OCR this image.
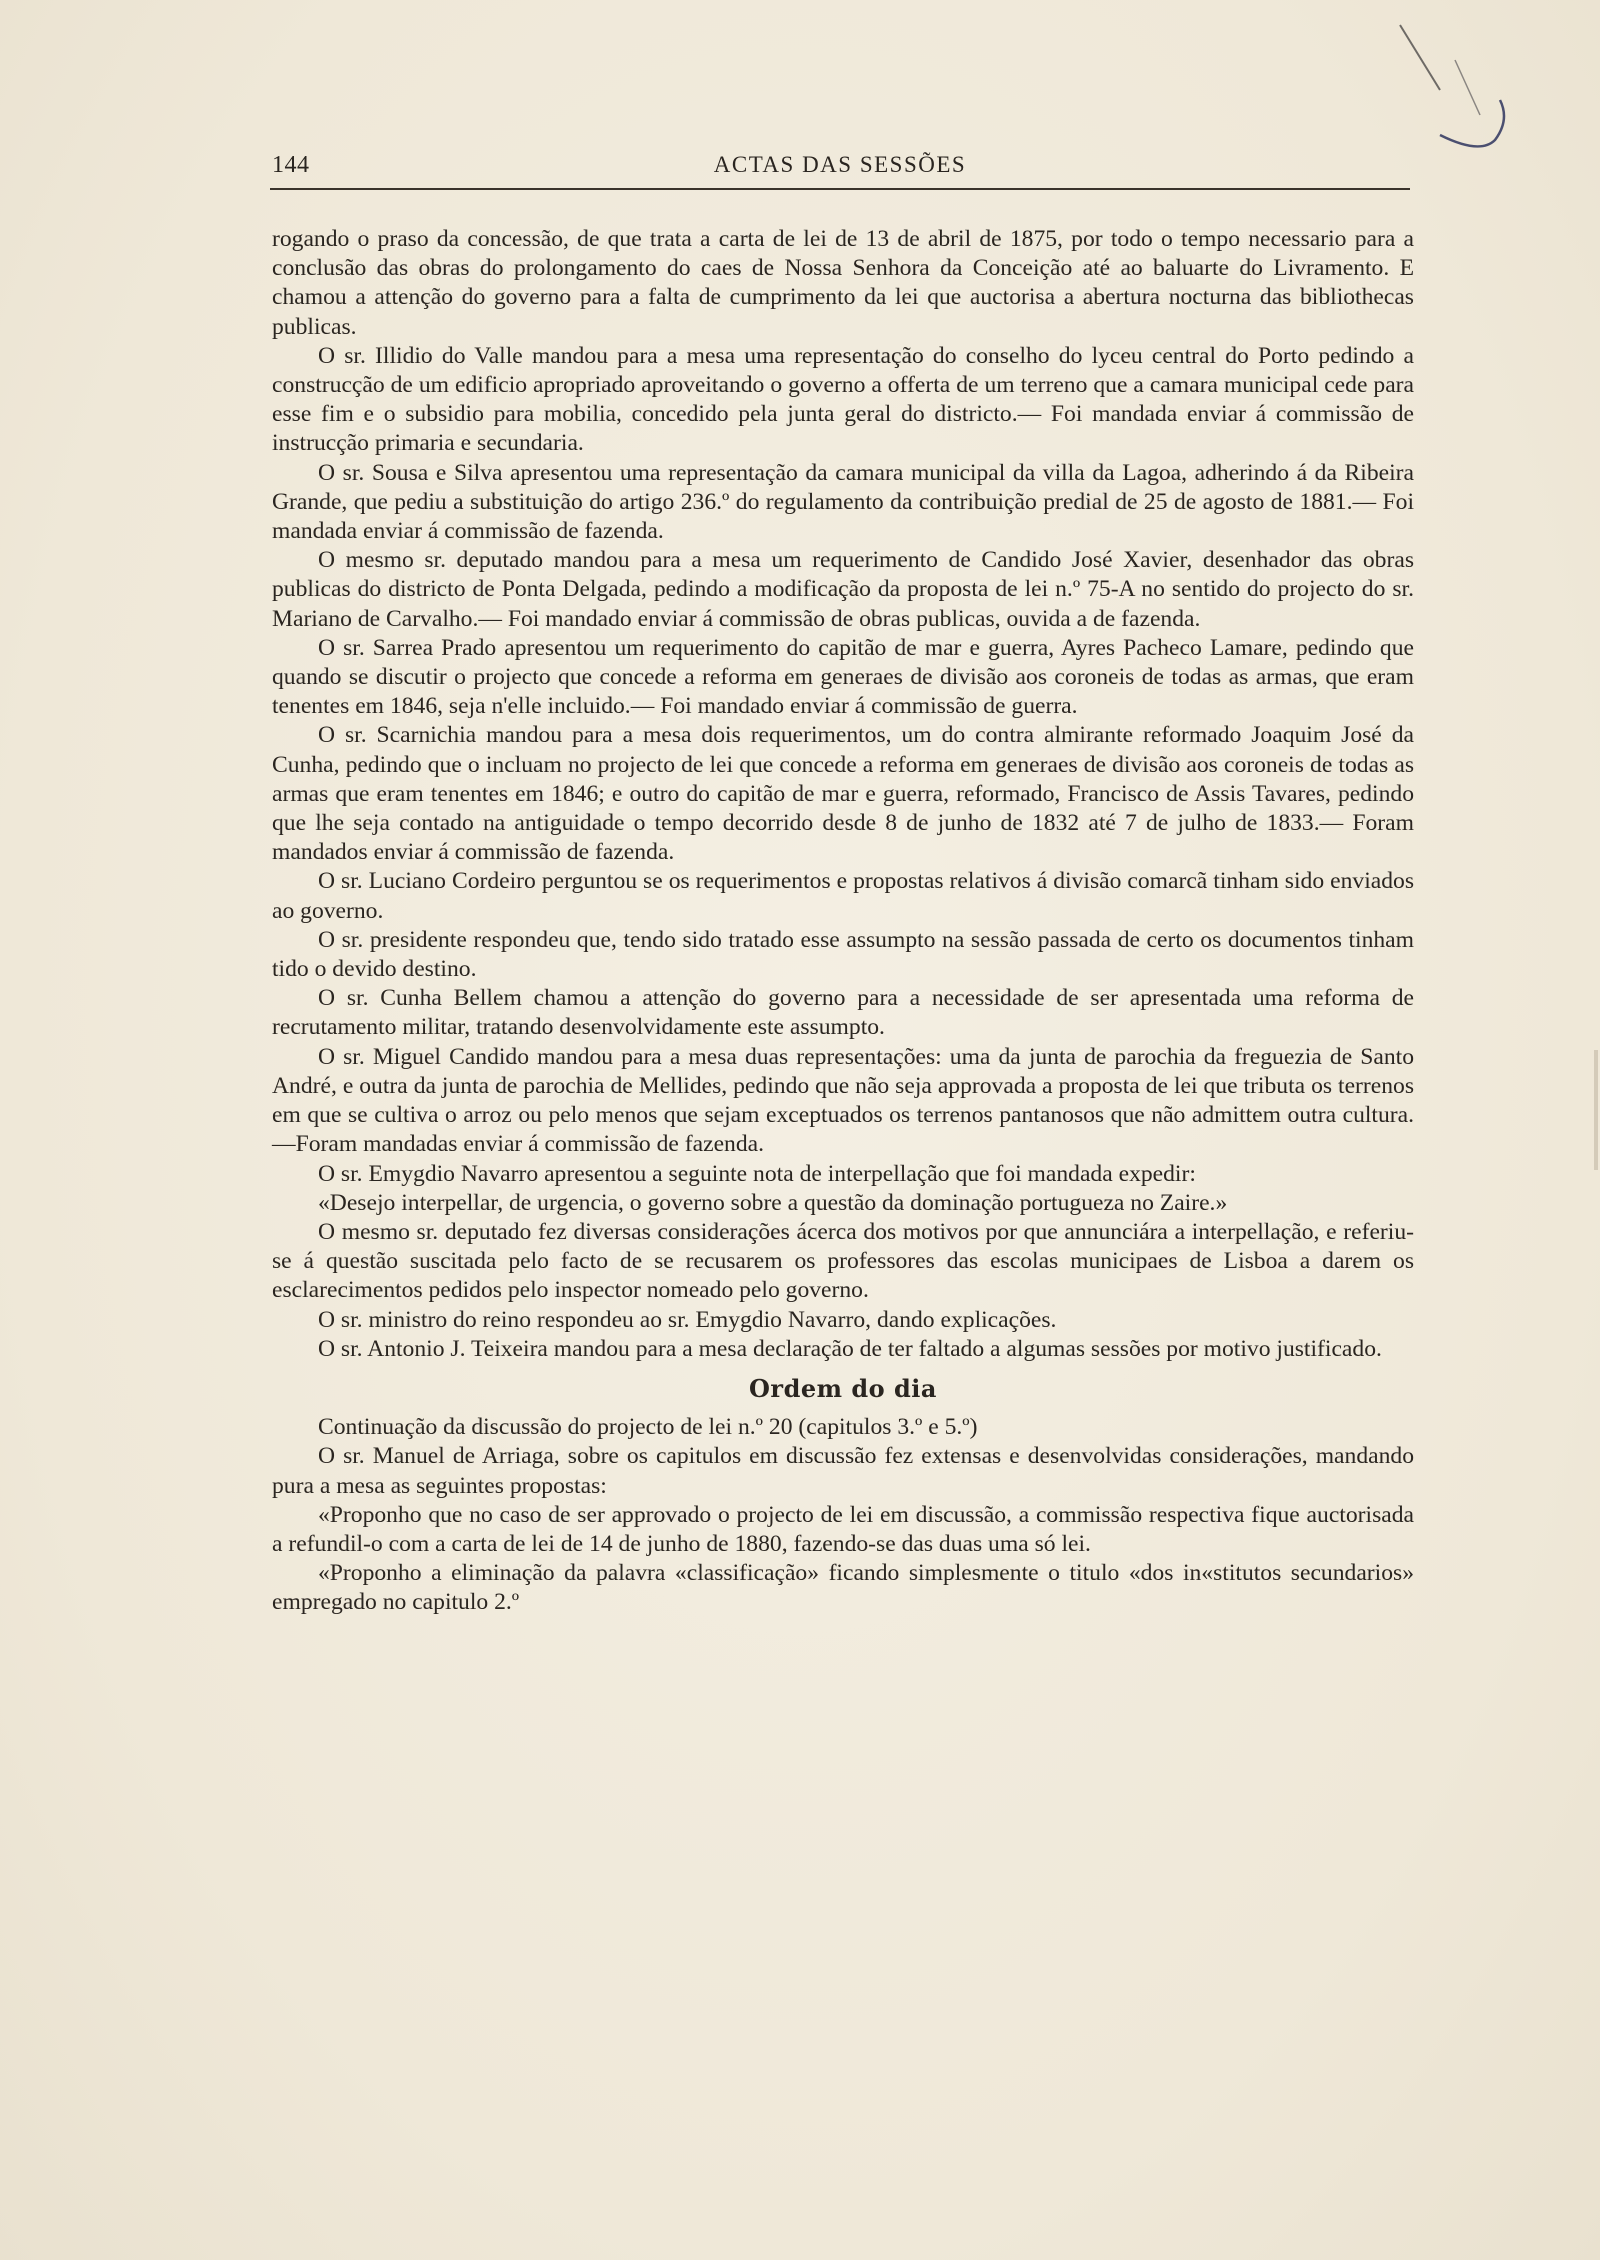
144	ACTAS DAS SESSÕES

rogando o praso da concessão, de que trata a carta de lei de 13 de abril de 1875, por todo o tempo necessario para a conclusão das obras do prolongamento do caes de Nossa Senhora da Conceição até ao baluarte do Livramento. E chamou a attenção do governo para a falta de cumprimento da lei que auctorisa a abertura nocturna das bibliothecas publicas.

O sr. Illidio do Valle mandou para a mesa uma representação do conselho do lyceu central do Porto pedindo a construcção de um edificio apropriado aproveitando o governo a offerta de um terreno que a camara municipal cede para esse fim e o subsidio para mobilia, concedido pela junta geral do districto.— Foi mandada enviar á commissão de instrucção primaria e secundaria.

O sr. Sousa e Silva apresentou uma representação da camara municipal da villa da Lagoa, adherindo á da Ribeira Grande, que pediu a substituição do artigo 236.º do regulamento da contribuição predial de 25 de agosto de 1881.— Foi mandada enviar á commissão de fazenda.

O mesmo sr. deputado mandou para a mesa um requerimento de Candido José Xavier, desenhador das obras publicas do districto de Ponta Delgada, pedindo a modificação da proposta de lei n.º 75-A no sentido do projecto do sr. Mariano de Carvalho.— Foi mandado enviar á commissão de obras publicas, ouvida a de fazenda.

O sr. Sarrea Prado apresentou um requerimento do capitão de mar e guerra, Ayres Pacheco Lamare, pedindo que quando se discutir o projecto que concede a reforma em generaes de divisão aos coroneis de todas as armas, que eram tenentes em 1846, seja n'elle incluido.— Foi mandado enviar á commissão de guerra.

O sr. Scarnichia mandou para a mesa dois requerimentos, um do contra almirante reformado Joaquim José da Cunha, pedindo que o incluam no projecto de lei que concede a reforma em generaes de divisão aos coroneis de todas as armas que eram tenentes em 1846; e outro do capitão de mar e guerra, reformado, Francisco de Assis Tavares, pedindo que lhe seja contado na antiguidade o tempo decorrido desde 8 de junho de 1832 até 7 de julho de 1833.— Foram mandados enviar á commissão de fazenda.

O sr. Luciano Cordeiro perguntou se os requerimentos e propostas relativos á divisão comarcã tinham sido enviados ao governo.

O sr. presidente respondeu que, tendo sido tratado esse assumpto na sessão passada de certo os documentos tinham tido o devido destino.

O sr. Cunha Bellem chamou a attenção do governo para a necessidade de ser apresentada uma reforma de recrutamento militar, tratando desenvolvidamente este assumpto.

O sr. Miguel Candido mandou para a mesa duas representações: uma da junta de parochia da freguezia de Santo André, e outra da junta de parochia de Mellides, pedindo que não seja approvada a proposta de lei que tributa os terrenos em que se cultiva o arroz ou pelo menos que sejam exceptuados os terrenos pantanosos que não admittem outra cultura.—Foram mandadas enviar á commissão de fazenda.

O sr. Emygdio Navarro apresentou a seguinte nota de interpellação que foi mandada expedir:

«Desejo interpellar, de urgencia, o governo sobre a questão da dominação portugueza no Zaire.»

O mesmo sr. deputado fez diversas considerações ácerca dos motivos por que annunciára a interpellação, e referiu-se á questão suscitada pelo facto de se recusarem os professores das escolas municipaes de Lisboa a darem os esclarecimentos pedidos pelo inspector nomeado pelo governo.

O sr. ministro do reino respondeu ao sr. Emygdio Navarro, dando explicações.

O sr. Antonio J. Teixeira mandou para a mesa declaração de ter faltado a algumas sessões por motivo justificado.

Ordem do dia

Continuação da discussão do projecto de lei n.º 20 (capitulos 3.º e 5.º)

O sr. Manuel de Arriaga, sobre os capitulos em discussão fez extensas e desenvolvidas considerações, mandando pura a mesa as seguintes propostas:

«Proponho que no caso de ser approvado o projecto de lei em discussão, a commissão respectiva fique auctorisada a refundil-o com a carta de lei de 14 de junho de 1880, fazendo-se das duas uma só lei.

«Proponho a eliminação da palavra «classificação» ficando simplesmente o titulo «dos in«stitutos secundarios» empregado no capitulo 2.º
